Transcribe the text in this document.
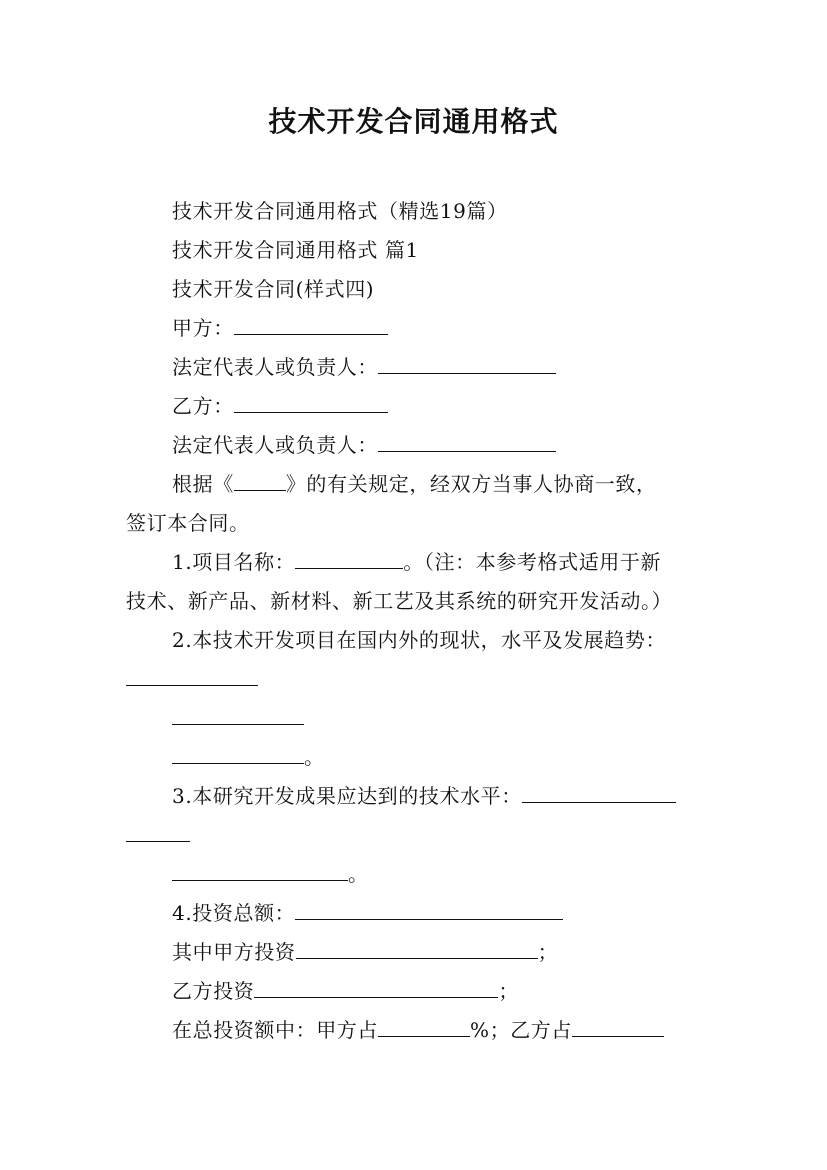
技术开发合同通用格式
技术开发合同通用格式（精选19篇）
技术开发合同通用格式 篇1
技术开发合同(样式四)
甲方：
法定代表人或负责人：
乙方：
法定代表人或负责人：
根据《	》的有关规定，经双方当事人协商一致，
签订本合同。
1.项目名称：	。（注：本参考格式适用于新
技术、新产品、新材料、新工艺及其系统的研究开发活动。）
2.本技术开发项目在国内外的现状，水平及发展趋势：
。
3.本研究开发成果应达到的技术水平：
。
4.投资总额：
其中甲方投资	；
乙方投资	；
在总投资额中：甲方占	%；乙方占
